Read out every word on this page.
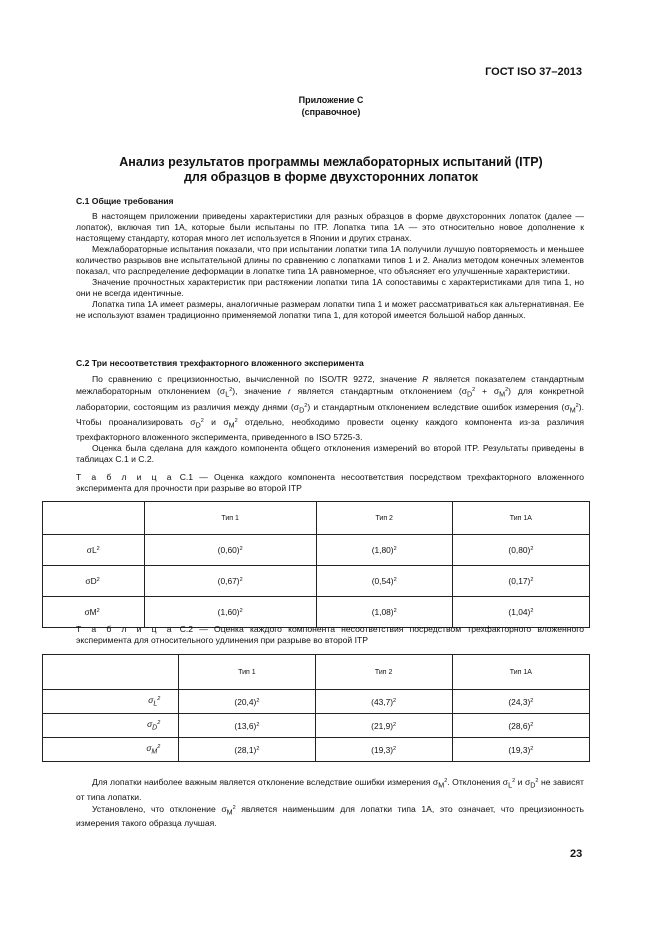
ГОСТ ISO 37–2013
Приложение С
(справочное)
Анализ результатов программы межлабораторных испытаний (ITP)
для образцов в форме двухсторонних лопаток

С.1 Общие требования

В настоящем приложении приведены характеристики для разных образцов в форме двухсторонних лопаток (далее — лопаток), включая тип 1А, которые были испытаны по ITP. Лопатка типа 1А — это относительно новое дополнение к настоящему стандарту, которая много лет используется в Японии и других странах.

Межлабораторные испытания показали, что при испытании лопатки типа 1А получили лучшую повторяемость и меньшее количество разрывов вне испытательной длины по сравнению с лопатками типов 1 и 2. Анализ методом конечных элементов показал, что распределение деформации в лопатке типа 1А равномерное, что объясняет его улучшенные характеристики.

Значение прочностных характеристик при растяжении лопатки типа 1А сопоставимы с характеристиками для типа 1, но они не всегда идентичные.

Лопатка типа 1А имеет размеры, аналогичные размерам лопатки типа 1 и может рассматриваться как альтернативная. Ее не используют взамен традиционно применяемой лопатки типа 1, для которой имеется большой набор данных.

С.2 Три несоответствия трехфакторного вложенного эксперимента

По сравнению с прецизионностью, вычисленной по ISO/TR 9272, значение R является показателем стандартным межлабораторным отклонением $(\sigma_L^2)$, значение r является стандартным отклонением $(\sigma_D^2 + \sigma_M^2)$ для конкретной лаборатории, состоящим из различия между днями $(\sigma_D^2)$ и стандартным отклонением вследствие ошибок измерения $(\sigma_M^2)$. Чтобы проанализировать $\sigma_D^2$ и $\sigma_M^2$ отдельно, необходимо провести оценку каждого компонента из-за различия трехфакторного вложенного эксперимента, приведенного в ISO 5725-3.

Оценка была сделана для каждого компонента общего отклонения измерений во второй ITP. Результаты приведены в таблицах С.1 и С.2.

Т а б л и ц а С.1 — Оценка каждого компонента несоответствия посредством трехфакторного вложенного эксперимента для прочности при разрыве во второй ITP
	Тип 1	Тип 2	Тип 1А
$\sigma L^2$	$(0,60)^2$	$(1,80)^2$	$(0,80)^2$
$\sigma D^2$	$(0,67)^2$	$(0,54)^2$	$(0,17)^2$
$\sigma M^2$	$(1,60)^2$	$(1,08)^2$	$(1,04)^2$
Т а б л и ц а С.2 — Оценка каждого компонента несоответствия посредством трехфакторного вложенного эксперимента для относительного удлинения при разрыве во второй ITP
	Тип 1	Тип 2	Тип 1А
$\sigma_L^2$	$(20,4)^2$	$(43,7)^2$	$(24,3)^2$
$\sigma_D^2$	$(13,6)^2$	$(21,9)^2$	$(28,6)^2$
$\sigma_M^2$	$(28,1)^2$	$(19,3)^2$	$(19,3)^2$

Для лопатки наиболее важным является отклонение вследствие ошибки измерения $\sigma_M^2$. Отклонения $\sigma_L^2$ и $\sigma_D^2$ не зависят от типа лопатки.

Установлено, что отклонение $\sigma_M^2$ является наименьшим для лопатки типа 1А, это означает, что прецизионность измерения такого образца лучшая.

23
